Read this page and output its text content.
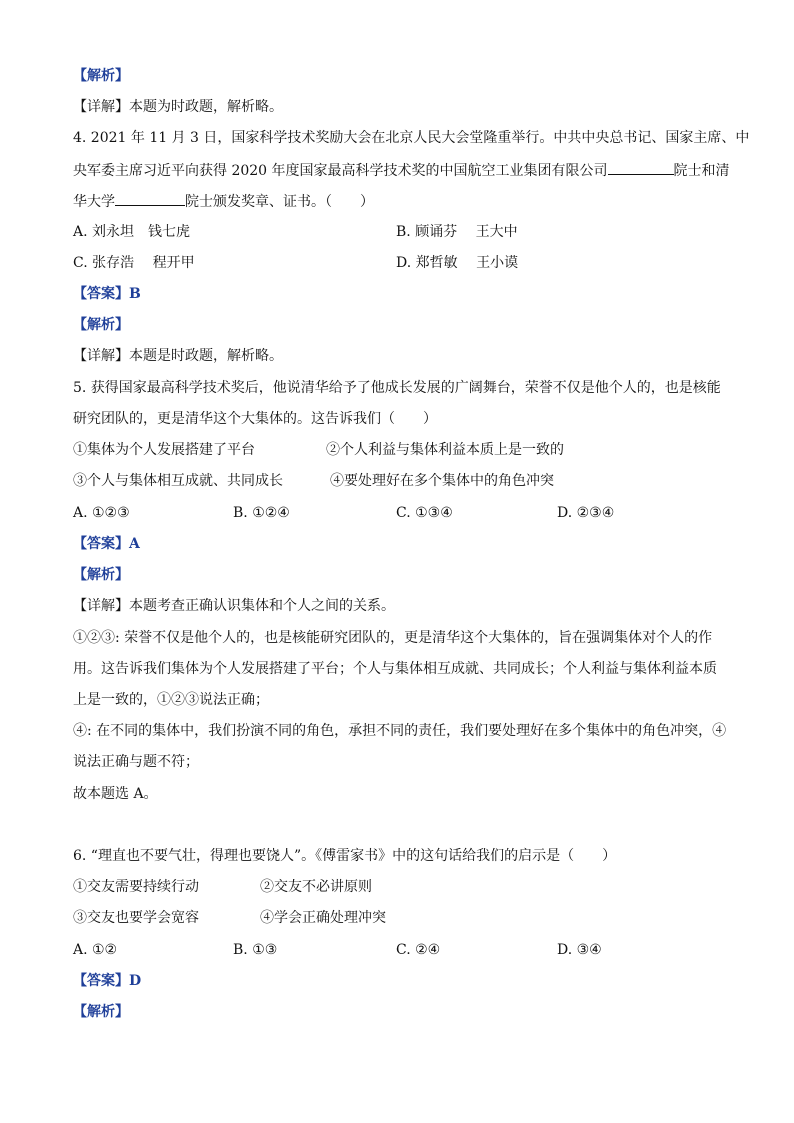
【解析】
【详解】本题为时政题，解析略。
4. 2021 年 11 月 3 日，国家科学技术奖励大会在北京人民大会堂隆重举行。中共中央总书记、国家主席、中
央军委主席习近平向获得 2020 年度国家最高科学技术奖的中国航空工业集团有限公司	院士和清
华大学	院士颁发奖章、证书。（　　）
A. 刘永坦　钱七虎	B. 顾诵芬　 王大中
C. 张存浩　 程开甲	D. 郑哲敏　 王小谟
【答案】B
【解析】
【详解】本题是时政题，解析略。
5. 获得国家最高科学技术奖后，他说清华给予了他成长发展的广阔舞台，荣誉不仅是他个人的，也是核能
研究团队的，更是清华这个大集体的。这告诉我们（　　）
①集体为个人发展搭建了平台	②个人利益与集体利益本质上是一致的
③个人与集体相互成就、共同成长	④要处理好在多个集体中的角色冲突
A. ①②③	B. ①②④	C. ①③④	D. ②③④
【答案】A
【解析】
【详解】本题考查正确认识集体和个人之间的关系。
①②③: 荣誉不仅是他个人的，也是核能研究团队的，更是清华这个大集体的，旨在强调集体对个人的作
用。这告诉我们集体为个人发展搭建了平台；个人与集体相互成就、共同成长；个人利益与集体利益本质
上是一致的，①②③说法正确；
④: 在不同的集体中，我们扮演不同的角色，承担不同的责任，我们要处理好在多个集体中的角色冲突，④
说法正确与题不符；
故本题选 A。
6. “理直也不要气壮，得理也要饶人”。《傅雷家书》中的这句话给我们的启示是（　　）
①交友需要持续行动	②交友不必讲原则
③交友也要学会宽容	④学会正确处理冲突
A. ①②	B. ①③	C. ②④	D. ③④
【答案】D
【解析】
